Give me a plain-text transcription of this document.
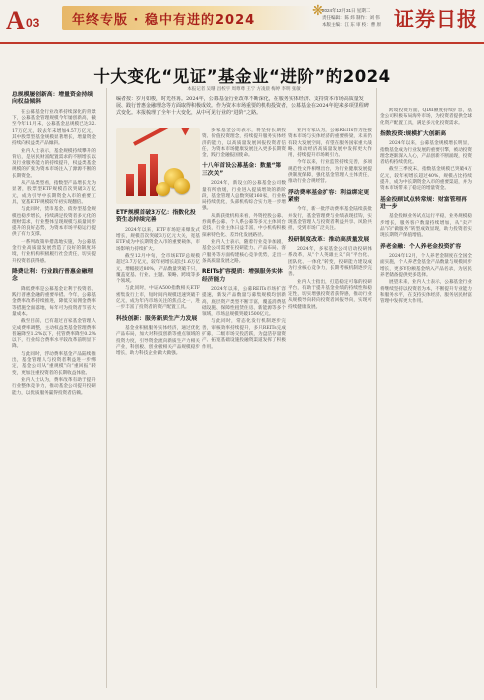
A 03	年终专版 · 稳中有进的2024
❋
2024年12月31日 星期二
责任编辑：陈 炜 制作：刘 伟
本版主编：江 东 审 校：曹 原 证券日报
十大变化“见证”基金业“进阶”的2024
本报记者 吴珊 昌校宇 周尊尊 王宁 方凌晨 梅婷 李明 张敏
编者按：岁月如梭，时光荏苒。2024年，公募基金行业改革不断深化，在服务实体经济、支持资本市场高质量发展、践行普惠金融理念等方面取得积极成效。作为资本市场重要的机构投资者，公募基金在2024年迎来多项里程碑式变化。本报梳理了全年十大变化，从中可见行业的“进阶”之路。
总规模屡创新高：增量资金持续向权益倾斜

在公募基金行业改革持续深化的背景下，公募基金管理规模今年屡创新高，截至今年11月末，公募基金总规模已达32.17万亿元，较去年末增加4.57万亿元，其中股票型基金规模显著增长，增量资金持续向权益类产品倾斜。

业内人士表示，基金规模持续攀升的背后，是居民财富配置需求的不断增长以及行业服务能力的持续提升，权益类基金规模的扩张为资本市场注入了源源不断的长期资金。

从产品类型看，指数型产品增长尤为显著，股票型ETF规模首次突破3万亿元，成为引导中长期资金入市的重要工具，宽基ETF规模较年初实现翻倍。

与此同时，货币基金、债券型基金规模也稳步增长，持续满足投资者多元化的理财需求，行业整体呈现规模与质量同步提升的良好态势，为资本市场平稳运行提供了有力支撑。

一系列政策举措落地实施，为公募基金行业高质量发展营造了良好的制度环境，行业机构积极履行社会责任，切实提升投资者获得感。

降费让利：行业践行普惠金融理念

降低费率是公募基金让利于投资者、践行普惠金融的重要举措。今年，公募基金费率改革持续推进，降低交易佣金费率等措施全面落地，每年可为投资者节省大量成本。

截至目前，已有超过百家基金管理人完成费率调整，主动权益类基金管理费率普遍降至1.2%以下，托管费率降至0.2%以下，行业综合费率水平较改革前明显下降。

与此同时，浮动费率基金产品陆续推出，基金管理人与投资者利益进一步绑定，基金公司从“重规模”向“重回报”转变，更加注重投资者的长期收益体验。

业内人士认为，费率改革有助于提升行业整体竞争力，推动基金公司提升投研能力，以优质服务赢得投资者信赖。

ETF规模首破3万亿：指数化投资生态持续完善

2024年以来，ETF市场迎来爆发式增长，规模首次突破3万亿元大关，宽基ETF成为中长期资金入市的重要载体，市场影响力持续扩大。

截至12月中旬，全市场ETF总规模超过3.7万亿元，较年初增长超过1.6万亿元，增幅接近80%，产品数量突破千只，覆盖宽基、行业、主题、策略、跨境等多个领域。

与此同时，中证A500指数相关ETF密集发行上市，短时间内规模迅速突破千亿元，成为年内市场关注的焦点之一，进一步丰富了投资者的资产配置工具。

科技创新：服务新质生产力发展

基金业积极服务实体经济，通过优化产品布局，加大对科技创新等重点领域的投资力度，引导资金流向新质生产力相关产业，科创板、创业板相关产品规模稳步增长，助力科技企业做大做强。

多家基金公司表示，将坚持长期投资、价值投资理念，持续提升服务实体经济的能力，以高质量发展回报投资者信任，为资本市场健康发展注入更多长期资金，践行金融报国使命。

十八年首设公募基金：数量“第三次关”

2024年，新设立的公募基金公司数量有所放缓，行业进入提质增效的新阶段，基金管理人总数突破160家，行业格局持续优化，头部机构综合实力进一步增强。

从新获批机构来看，外资控股公募、券商系公募、个人系公募等多元主体同台竞技，行业主体日益丰富，中小机构积极探索特色化、差异化发展路径。

业内人士表示，随着行业竞争加剧，基金公司需要在投研能力、产品布局、客户服务等方面构建核心竞争优势，走出一条高质量发展之路。

REITs扩容提质：增强服务实体经济能力

2024年以来，公募REITs市场扩容提速，新发产品数量与募集规模均创新高，底层资产类型不断丰富，覆盖消费基础设施、保障性租赁住房、新能源等多个领域，市场总规模突破1500亿元。

与此同时，常态化发行机制逐步完善，审核效率持续提升，多只REITs完成扩募，二级市场交投活跃，为盘活存量资产、拓宽基础设施投融资渠道发挥了积极作用。

业内专家认为，公募REITs作为连接资本市场与实体经济的重要桥梁，未来仍有较大发展空间，有望在服务国家重大战略、推动经济高质量发展中发挥更大作用，持续提升市场吸引力。

今年以来，行业监管持续完善，多项规范性文件相继出台，为行业健康发展提供制度保障，强化基金管理人主体责任，推动行业合规经营。

浮动费率基金扩容：利益绑定更紧密

今年，新一批浮动费率基金陆续获批并发行，基金管理费与业绩表现挂钩，实现基金管理人与投资者利益共享、风险共担，受到市场广泛关注。

投研制度改革：推动高质量发展

2024年，多家基金公司启动投研体系改革，从“个人英雄主义”向“平台化、团队化、一体化”转变，投研能力建设成为行业核心竞争力，长期考核机制逐步完善。

业内人士指出，打造稳定可靠的投研平台，有助于提升基金业绩的持续性和稳定性，切实增强投资者获得感，推动行业从规模导向转向投资者回报导向，实现可持续健康发展。

跨境投资方面，QDII额度持续扩容，基金公司积极布局海外市场，为投资者提供全球化资产配置工具，满足多元化投资需求。

指数投资:规模扩大创新高

2024年以来，公募基金规模增长明显，指数基金成为行业发展的重要引擎，被动投资理念逐渐深入人心，产品创新不断涌现，投资者结构持续优化。

截至三季度末，指数基金规模已突破4万亿元，较年初增长超过40%，规模占比持续提升，成为中长期资金入市的重要渠道，并为资本市场带来了稳定的增量资金。

基金投顾试点转常规：财富管理再进一步

基金投顾业务试点运行平稳，业务规模稳步增长，服务客户数量持续增加，从“卖产品”向“做服务”转型成效显现，助力投资者实现长期资产保值增值。

养老金融：个人养老金投资扩容

2024年12月，个人养老金制度在全国全面实施，个人养老金基金产品数量与规模同步增长，更多Y份额基金纳入产品名录，为居民养老储备提供更多选择。

展望未来，业内人士表示，公募基金行业将继续坚持以投资者为本，不断提升专业能力和服务水平，在支持实体经济、服务居民财富管理中发挥更大作用。
